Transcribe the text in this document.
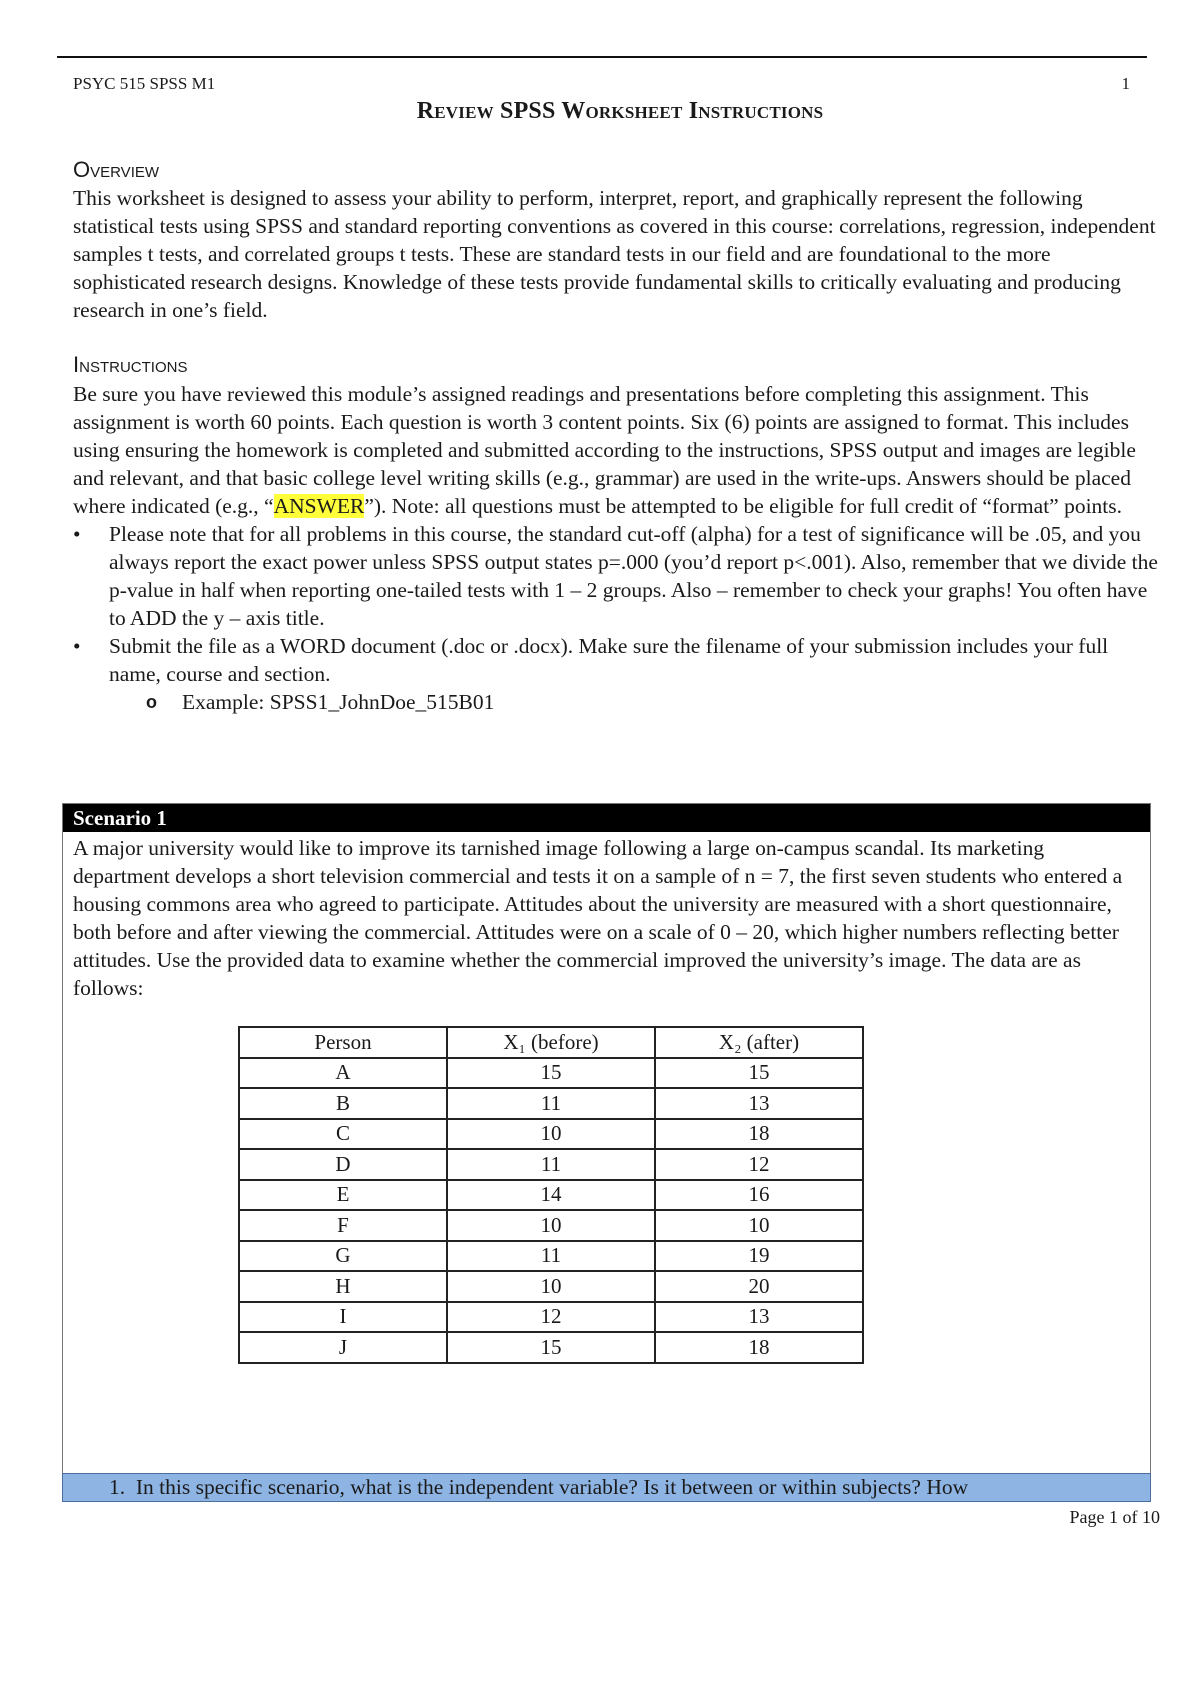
PSYC 515 SPSS M1	1
Review SPSS Worksheet Instructions
Overview

This worksheet is designed to assess your ability to perform, interpret, report, and graphically represent the following statistical tests using SPSS and standard reporting conventions as covered in this course: correlations, regression, independent samples t tests, and correlated groups t tests. These are standard tests in our field and are foundational to the more sophisticated research designs. Knowledge of these tests provide fundamental skills to critically evaluating and producing research in one’s field.

Instructions

Be sure you have reviewed this module’s assigned readings and presentations before completing this assignment. This assignment is worth 60 points. Each question is worth 3 content points. Six (6) points are assigned to format. This includes using ensuring the homework is completed and submitted according to the instructions, SPSS output and images are legible and relevant, and that basic college level writing skills (e.g., grammar) are used in the write-ups. Answers should be placed where indicated (e.g., “ANSWER”). Note: all questions must be attempted to be eligible for full credit of “format” points.

• Please note that for all problems in this course, the standard cut-off (alpha) for a test of significance will be .05, and you always report the exact power unless SPSS output states p=.000 (you’d report p<.001). Also, remember that we divide the p-value in half when reporting one-tailed tests with 1 – 2 groups. Also – remember to check your graphs! You often have to ADD the y – axis title.

• Submit the file as a WORD document (.doc or .docx). Make sure the filename of your submission includes your full name, course and section.

o Example: SPSS1_JohnDoe_515B01

Scenario 1
A major university would like to improve its tarnished image following a large on-campus scandal. Its marketing department develops a short television commercial and tests it on a sample of n = 7, the first seven students who entered a housing commons area who agreed to participate. Attitudes about the university are measured with a short questionnaire, both before and after viewing the commercial. Attitudes were on a scale of 0 – 20, which higher numbers reflecting better attitudes. Use the provided data to examine whether the commercial improved the university’s image. The data are as follows:
Person	X₁ (before)	X₂ (after)
A	15	15
B	11	13
C	10	18
D	11	12
E	14	16
F	10	10
G	11	19
H	10	20
I	12	13
J	15	18
1. In this specific scenario, what is the independent variable? Is it between or within subjects? How
Page 1 of 10
